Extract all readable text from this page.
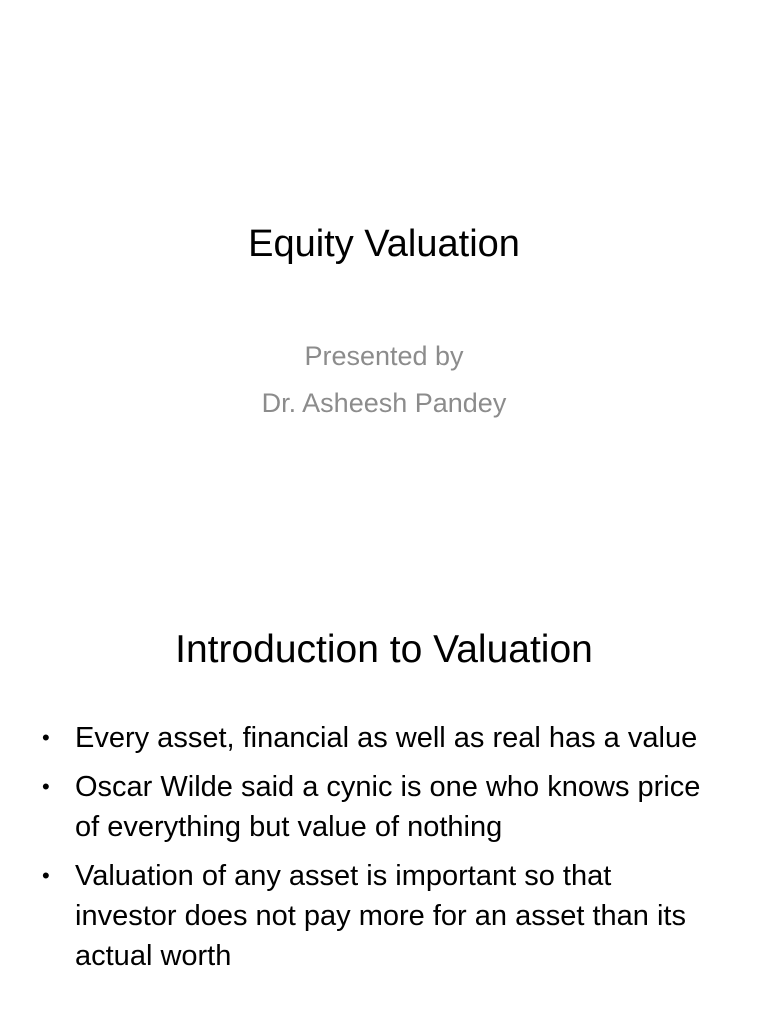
Equity Valuation
Presented by
Dr. Asheesh Pandey
Introduction to Valuation
• Every asset, financial as well as real has a value
• Oscar Wilde said a cynic is one who knows price of everything but value of nothing
• Valuation of any asset is important so that investor does not pay more for an asset than its actual worth
